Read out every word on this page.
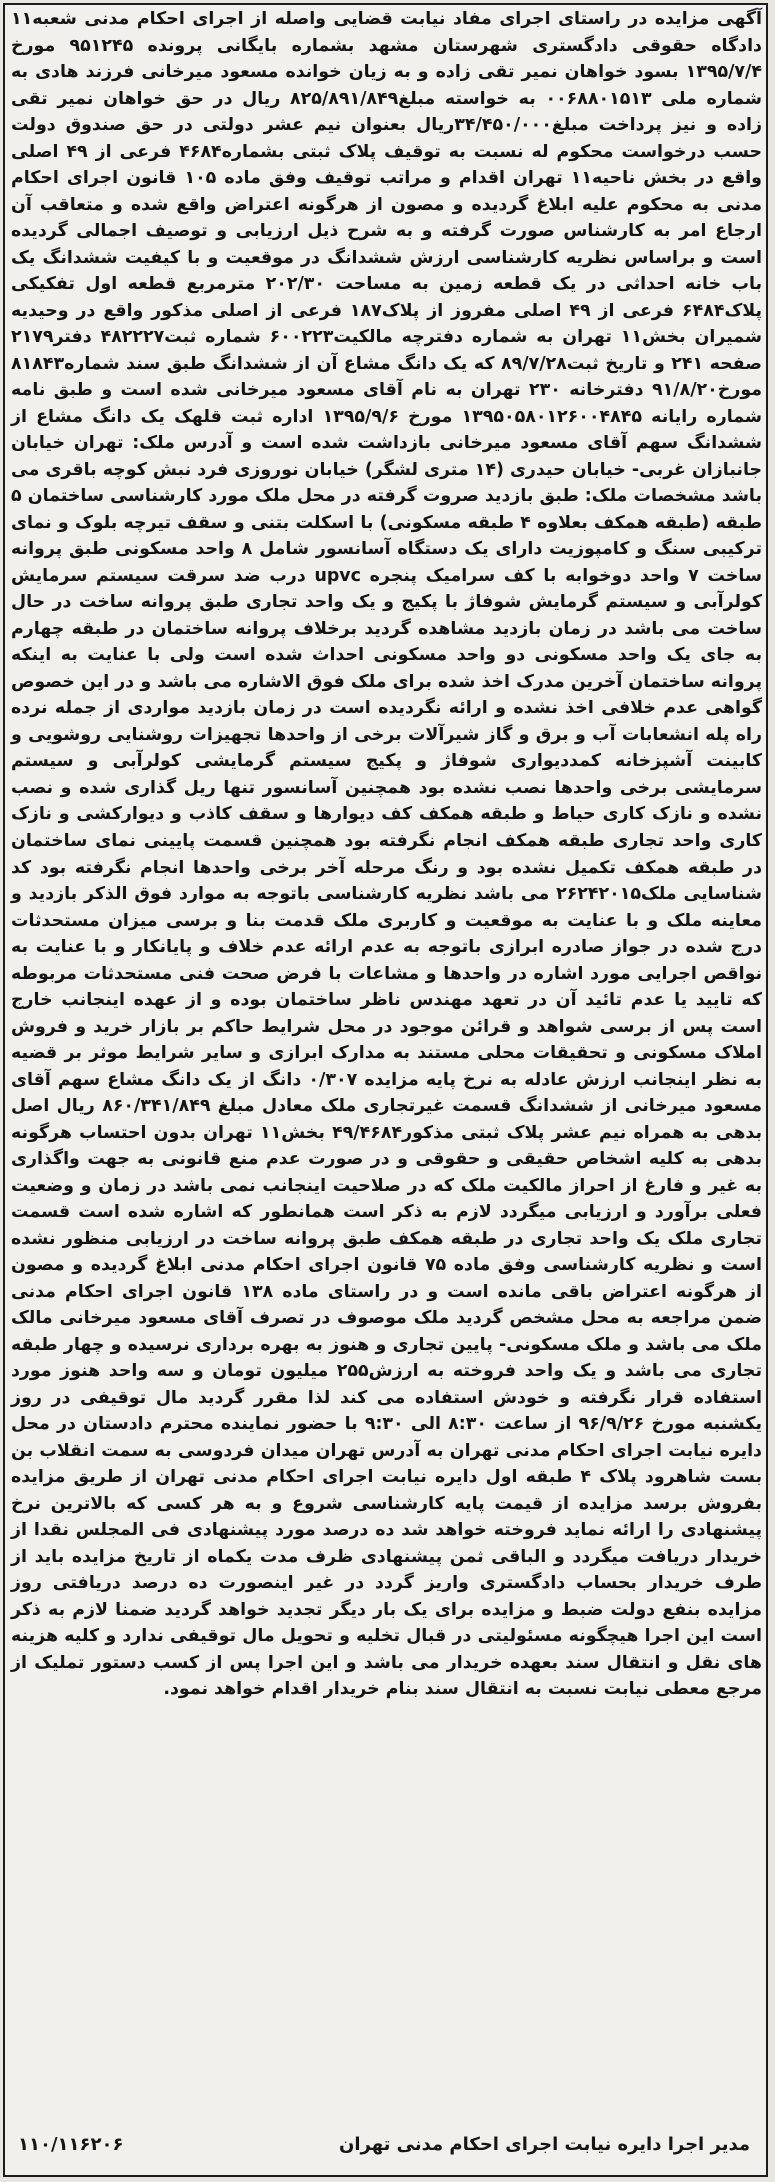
آگهی مزایده در راستای اجرای مفاد نیابت قضایی واصله از اجرای احکام مدنی شعبه۱۱ دادگاه حقوقی دادگستری شهرستان مشهد بشماره بایگانی پرونده ۹۵۱۲۴۵ مورخ ۱۳۹۵/۷/۴ بسود خواهان نمیر تقی زاده و به زیان خوانده مسعود میرخانی فرزند هادی به شماره ملی ۰۰۶۸۸۰۱۵۱۳ به خواسته مبلغ۸۲۵/۸۹۱/۸۴۹ ریال در حق خواهان نمیر تقی زاده و نیز پرداخت مبلغ۳۴/۴۵۰/۰۰۰ریال بعنوان نیم عشر دولتی در حق صندوق دولت حسب درخواست محکوم له نسبت به توقیف پلاک ثبتی بشماره۴۶۸۴ فرعی از ۴۹ اصلی واقع در بخش ناحیه۱۱ تهران اقدام و مراتب توقیف وفق ماده ۱۰۵ قانون اجرای احکام مدنی به محکوم علیه ابلاغ گردیده و مصون از هرگونه اعتراض واقع شده و متعاقب آن ارجاع امر به کارشناس صورت گرفته و به شرح ذیل ارزیابی و توصیف اجمالی گردیده است و براساس نظریه کارشناسی ارزش ششدانگ در موقعیت و با کیفیت ششدانگ یک باب خانه احداثی در یک قطعه زمین به مساحت ۲۰۲/۳۰ مترمربع قطعه اول تفکیکی پلاک۶۴۸۴ فرعی از ۴۹ اصلی مفروز از پلاک۱۸۷ فرعی از اصلی مذکور واقع در وحیدیه شمیران بخش۱۱ تهران به شماره دفترچه مالکیت۶۰۰۲۲۳ شماره ثبت۴۸۲۲۲۷ دفتر۲۱۷۹ صفحه ۲۴۱ و تاریخ ثبت۸۹/۷/۲۸ که یک دانگ مشاع آن از ششدانگ طبق سند شماره۸۱۸۴۳ مورخ۹۱/۸/۲۰ دفترخانه ۲۳۰ تهران به نام آقای مسعود میرخانی شده است و طبق نامه شماره رایانه ۱۳۹۵۰۵۸۰۱۲۶۰۰۴۸۴۵ مورخ ۱۳۹۵/۹/۶ اداره ثبت قلهک یک دانگ مشاع از ششدانگ سهم آقای مسعود میرخانی بازداشت شده است و آدرس ملک: تهران خیابان جانبازان غربی- خیابان حیدری (۱۴ متری لشگر) خیابان نوروزی فرد نبش کوچه باقری می باشد مشخصات ملک: طبق بازدید صروت گرفته در محل ملک مورد کارشناسی ساختمان ۵ طبقه (طبقه همکف بعلاوه ۴ طبقه مسکونی) با اسکلت بتنی و سقف تیرچه بلوک و نمای ترکیبی سنگ و کامپوزیت دارای یک دستگاه آسانسور شامل ۸ واحد مسکونی طبق پروانه ساخت ۷ واحد دوخوابه با کف سرامیک پنجره upvc درب ضد سرقت سیستم سرمایش کولرآبی و سیستم گرمایش شوفاژ با پکیج و یک واحد تجاری طبق پروانه ساخت در حال ساخت می باشد در زمان بازدید مشاهده گردید برخلاف پروانه ساختمان در طبقه چهارم به جای یک واحد مسکونی دو واحد مسکونی احداث شده است ولی با عنایت به اینکه پروانه ساختمان آخرین مدرک اخذ شده برای ملک فوق الاشاره می باشد و در این خصوص گواهی عدم خلافی اخذ نشده و ارائه نگردیده است در زمان بازدید مواردی از جمله نرده راه پله انشعابات آب و برق و گاز شیرآلات برخی از واحدها تجهیزات روشنایی روشویی و کابینت آشپزخانه کمددیواری شوفاژ و پکیج سیستم گرمایشی کولرآبی و سیستم سرمایشی برخی واحدها نصب نشده بود همچنین آسانسور تنها ریل گذاری شده و نصب نشده و نازک کاری حیاط و طبقه همکف کف دیوارها و سقف کاذب و دیوارکشی و نازک کاری واحد تجاری طبقه همکف انجام نگرفته بود همچنین قسمت پایینی نمای ساختمان در طبقه همکف تکمیل نشده بود و رنگ مرحله آخر برخی واحدها انجام نگرفته بود کد شناسایی ملک۲۶۲۴۲۰۱۵ می باشد نظریه کارشناسی باتوجه به موارد فوق الذکر بازدید و معاینه ملک و با عنایت به موقعیت و کاربری ملک قدمت بنا و برسی میزان مستحدثات درج شده در جواز صادره ابرازی باتوجه به عدم ارائه عدم خلاف و پایانکار و با عنایت به نواقص اجرایی مورد اشاره در واحدها و مشاعات با فرض صحت فنی مستحدثات مربوطه که تایید یا عدم تائید آن در تعهد مهندس ناظر ساختمان بوده و از عهده اینجانب خارج است پس از برسی شواهد و قرائن موجود در محل شرایط حاکم بر بازار خرید و فروش املاک مسکونی و تحقیقات محلی مستند به مدارک ابرازی و سایر شرایط موثر بر قضیه به نظر اینجانب ارزش عادله به نرخ پایه مزایده ۰/۳۰۷ دانگ از یک دانگ مشاع سهم آقای مسعود میرخانی از ششدانگ قسمت غیرتجاری ملک معادل مبلغ ۸۶۰/۳۴۱/۸۴۹ ریال اصل بدهی به همراه نیم عشر پلاک ثبتی مذکور۴۹/۴۶۸۴ بخش۱۱ تهران بدون احتساب هرگونه بدهی به کلیه اشخاص حقیقی و حقوقی و در صورت عدم منع قانونی به جهت واگذاری به غیر و فارغ از احراز مالکیت ملک که در صلاحیت اینجانب نمی باشد در زمان و وضعیت فعلی برآورد و ارزیابی میگردد لازم به ذکر است همانطور که اشاره شده است قسمت تجاری ملک یک واحد تجاری در طبقه همکف طبق پروانه ساخت در ارزیابی منظور نشده است و نظریه کارشناسی وفق ماده ۷۵ قانون اجرای احکام مدنی ابلاغ گردیده و مصون از هرگونه اعتراض باقی مانده است و در راستای ماده ۱۳۸ قانون اجرای احکام مدنی ضمن مراجعه به محل مشخص گردید ملک موصوف در تصرف آقای مسعود میرخانی مالک ملک می باشد و ملک مسکونی- پایین تجاری و هنوز به بهره برداری نرسیده و چهار طبقه تجاری می باشد و یک واحد فروخته به ارزش۲۵۵ میلیون تومان و سه واحد هنوز مورد استفاده قرار نگرفته و خودش استفاده می کند لذا مقرر گردید مال توقیفی در روز یکشنبه مورخ ۹۶/۹/۲۶ از ساعت ۸:۳۰ الی ۹:۳۰ با حضور نماینده محترم دادستان در محل دایره نیابت اجرای احکام مدنی تهران به آدرس تهران میدان فردوسی به سمت انقلاب بن بست شاهرود پلاک ۴ طبقه اول دایره نیابت اجرای احکام مدنی تهران از طریق مزایده بفروش برسد مزایده از قیمت پایه کارشناسی شروع و به هر کسی که بالاترین نرخ پیشنهادی را ارائه نماید فروخته خواهد شد ده درصد مورد پیشنهادی فی المجلس نقدا از خریدار دریافت میگردد و الباقی ثمن پیشنهادی ظرف مدت یکماه از تاریخ مزایده باید از طرف خریدار بحساب دادگستری واریز گردد در غیر اینصورت ده درصد دریافتی روز مزایده بنفع دولت ضبط و مزایده برای یک بار دیگر تجدید خواهد گردید ضمنا لازم به ذکر است این اجرا هیچگونه مسئولیتی در قبال تخلیه و تحویل مال توقیفی ندارد و کلیه هزینه های نقل و انتقال سند بعهده خریدار می باشد و این اجرا پس از کسب دستور تملیک از مرجع معطی نیابت نسبت به انتقال سند بنام خریدار اقدام خواهد نمود.

مدیر اجرا دایره نیابت اجرای احکام مدنی تهران
۱۱۰/۱۱۶۲۰۶
